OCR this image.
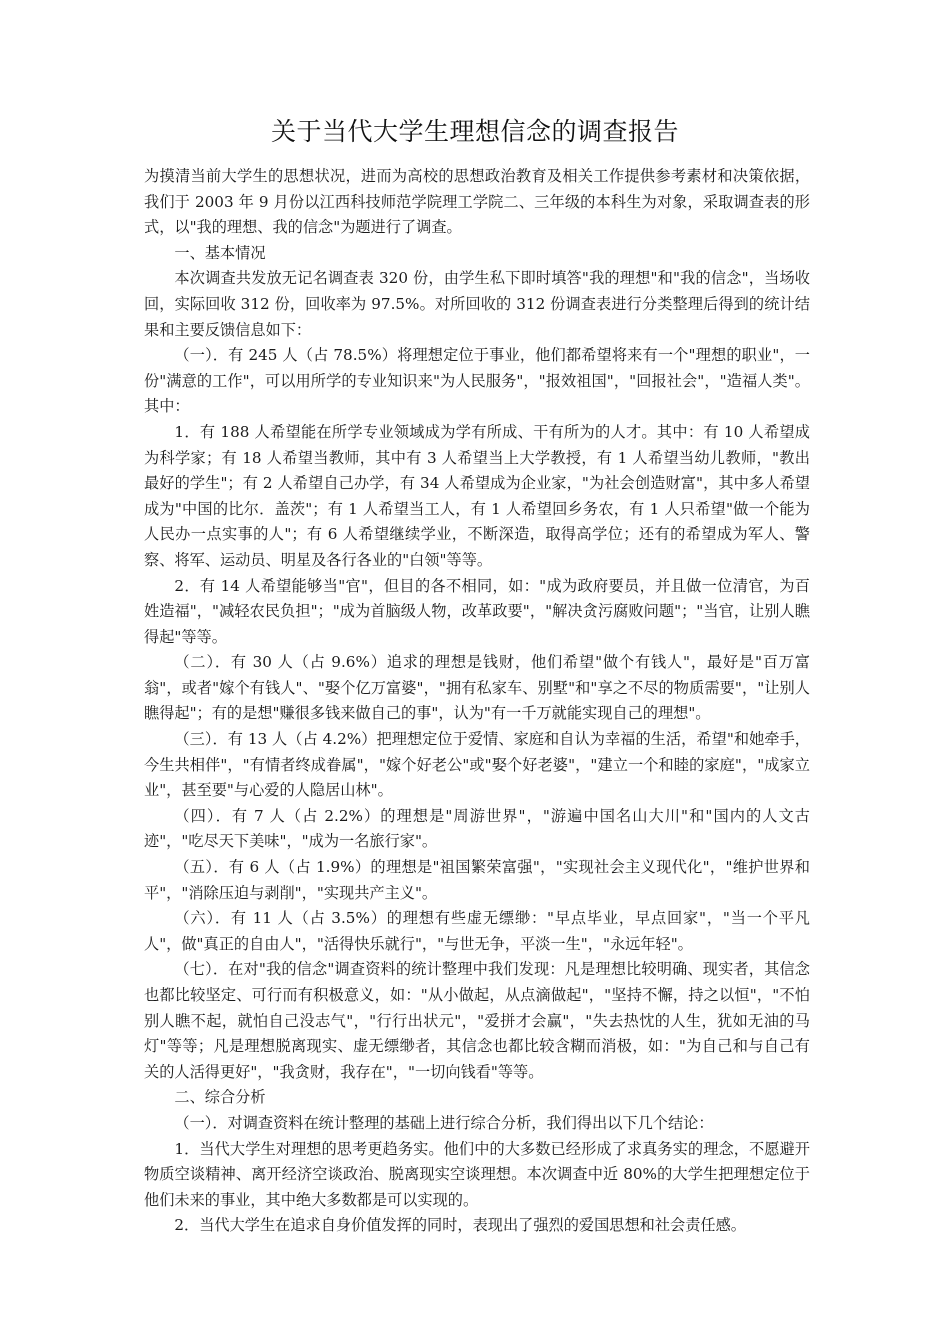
关于当代大学生理想信念的调查报告

为摸清当前大学生的思想状况，进而为高校的思想政治教育及相关工作提供参考素材和决策依据，我们于 2003 年 9 月份以江西科技师范学院理工学院二、三年级的本科生为对象，采取调查表的形式，以"我的理想、我的信念"为题进行了调查。

一、基本情况

本次调查共发放无记名调查表 320 份，由学生私下即时填答"我的理想"和"我的信念"，当场收回，实际回收 312 份，回收率为 97.5%。对所回收的 312 份调查表进行分类整理后得到的统计结果和主要反馈信息如下：

（一）．有 245 人（占 78.5%）将理想定位于事业，他们都希望将来有一个"理想的职业"，一份"满意的工作"，可以用所学的专业知识来"为人民服务"，"报效祖国"，"回报社会"，"造福人类"。其中：

1．有 188 人希望能在所学专业领域成为学有所成、干有所为的人才。其中：有 10 人希望成为科学家；有 18 人希望当教师，其中有 3 人希望当上大学教授，有 1 人希望当幼儿教师，"教出最好的学生"；有 2 人希望自己办学，有 34 人希望成为企业家，"为社会创造财富"，其中多人希望成为"中国的比尔．盖茨"；有 1 人希望当工人，有 1 人希望回乡务农，有 1 人只希望"做一个能为人民办一点实事的人"；有 6 人希望继续学业，不断深造，取得高学位；还有的希望成为军人、警察、将军、运动员、明星及各行各业的"白领"等等。

2．有 14 人希望能够当"官"，但目的各不相同，如："成为政府要员，并且做一位清官，为百姓造福"，"减轻农民负担"；"成为首脑级人物，改革政要"，"解决贪污腐败问题"；"当官，让别人瞧得起"等等。

（二）．有 30 人（占 9.6%）追求的理想是钱财，他们希望"做个有钱人"，最好是"百万富翁"，或者"嫁个有钱人"、"娶个亿万富婆"，"拥有私家车、别墅"和"享之不尽的物质需要"，"让别人瞧得起"；有的是想"赚很多钱来做自己的事"，认为"有一千万就能实现自己的理想"。

（三）．有 13 人（占 4.2%）把理想定位于爱情、家庭和自认为幸福的生活，希望"和她牵手，今生共相伴"，"有情者终成眷属"，"嫁个好老公"或"娶个好老婆"，"建立一个和睦的家庭"，"成家立业"，甚至要"与心爱的人隐居山林"。

（四）．有 7 人（占 2.2%）的理想是"周游世界"，"游遍中国名山大川"和"国内的人文古迹"，"吃尽天下美味"，"成为一名旅行家"。

（五）．有 6 人（占 1.9%）的理想是"祖国繁荣富强"，"实现社会主义现代化"，"维护世界和平"，"消除压迫与剥削"，"实现共产主义"。

（六）．有 11 人（占 3.5%）的理想有些虚无缥缈："早点毕业，早点回家"，"当一个平凡人"，做"真正的自由人"，"活得快乐就行"，"与世无争，平淡一生"，"永远年轻"。

（七）．在对"我的信念"调查资料的统计整理中我们发现：凡是理想比较明确、现实者，其信念也都比较坚定、可行而有积极意义，如："从小做起，从点滴做起"，"坚持不懈，持之以恒"，"不怕别人瞧不起，就怕自己没志气"，"行行出状元"，"爱拼才会赢"，"失去热忱的人生，犹如无油的马灯"等等；凡是理想脱离现实、虚无缥缈者，其信念也都比较含糊而消极，如："为自己和与自己有关的人活得更好"，"我贪财，我存在"，"一切向钱看"等等。

二、综合分析

（一）．对调查资料在统计整理的基础上进行综合分析，我们得出以下几个结论：

1．当代大学生对理想的思考更趋务实。他们中的大多数已经形成了求真务实的理念，不愿避开物质空谈精神、离开经济空谈政治、脱离现实空谈理想。本次调查中近 80%的大学生把理想定位于他们未来的事业，其中绝大多数都是可以实现的。

2．当代大学生在追求自身价值发挥的同时，表现出了强烈的爱国思想和社会责任感。
